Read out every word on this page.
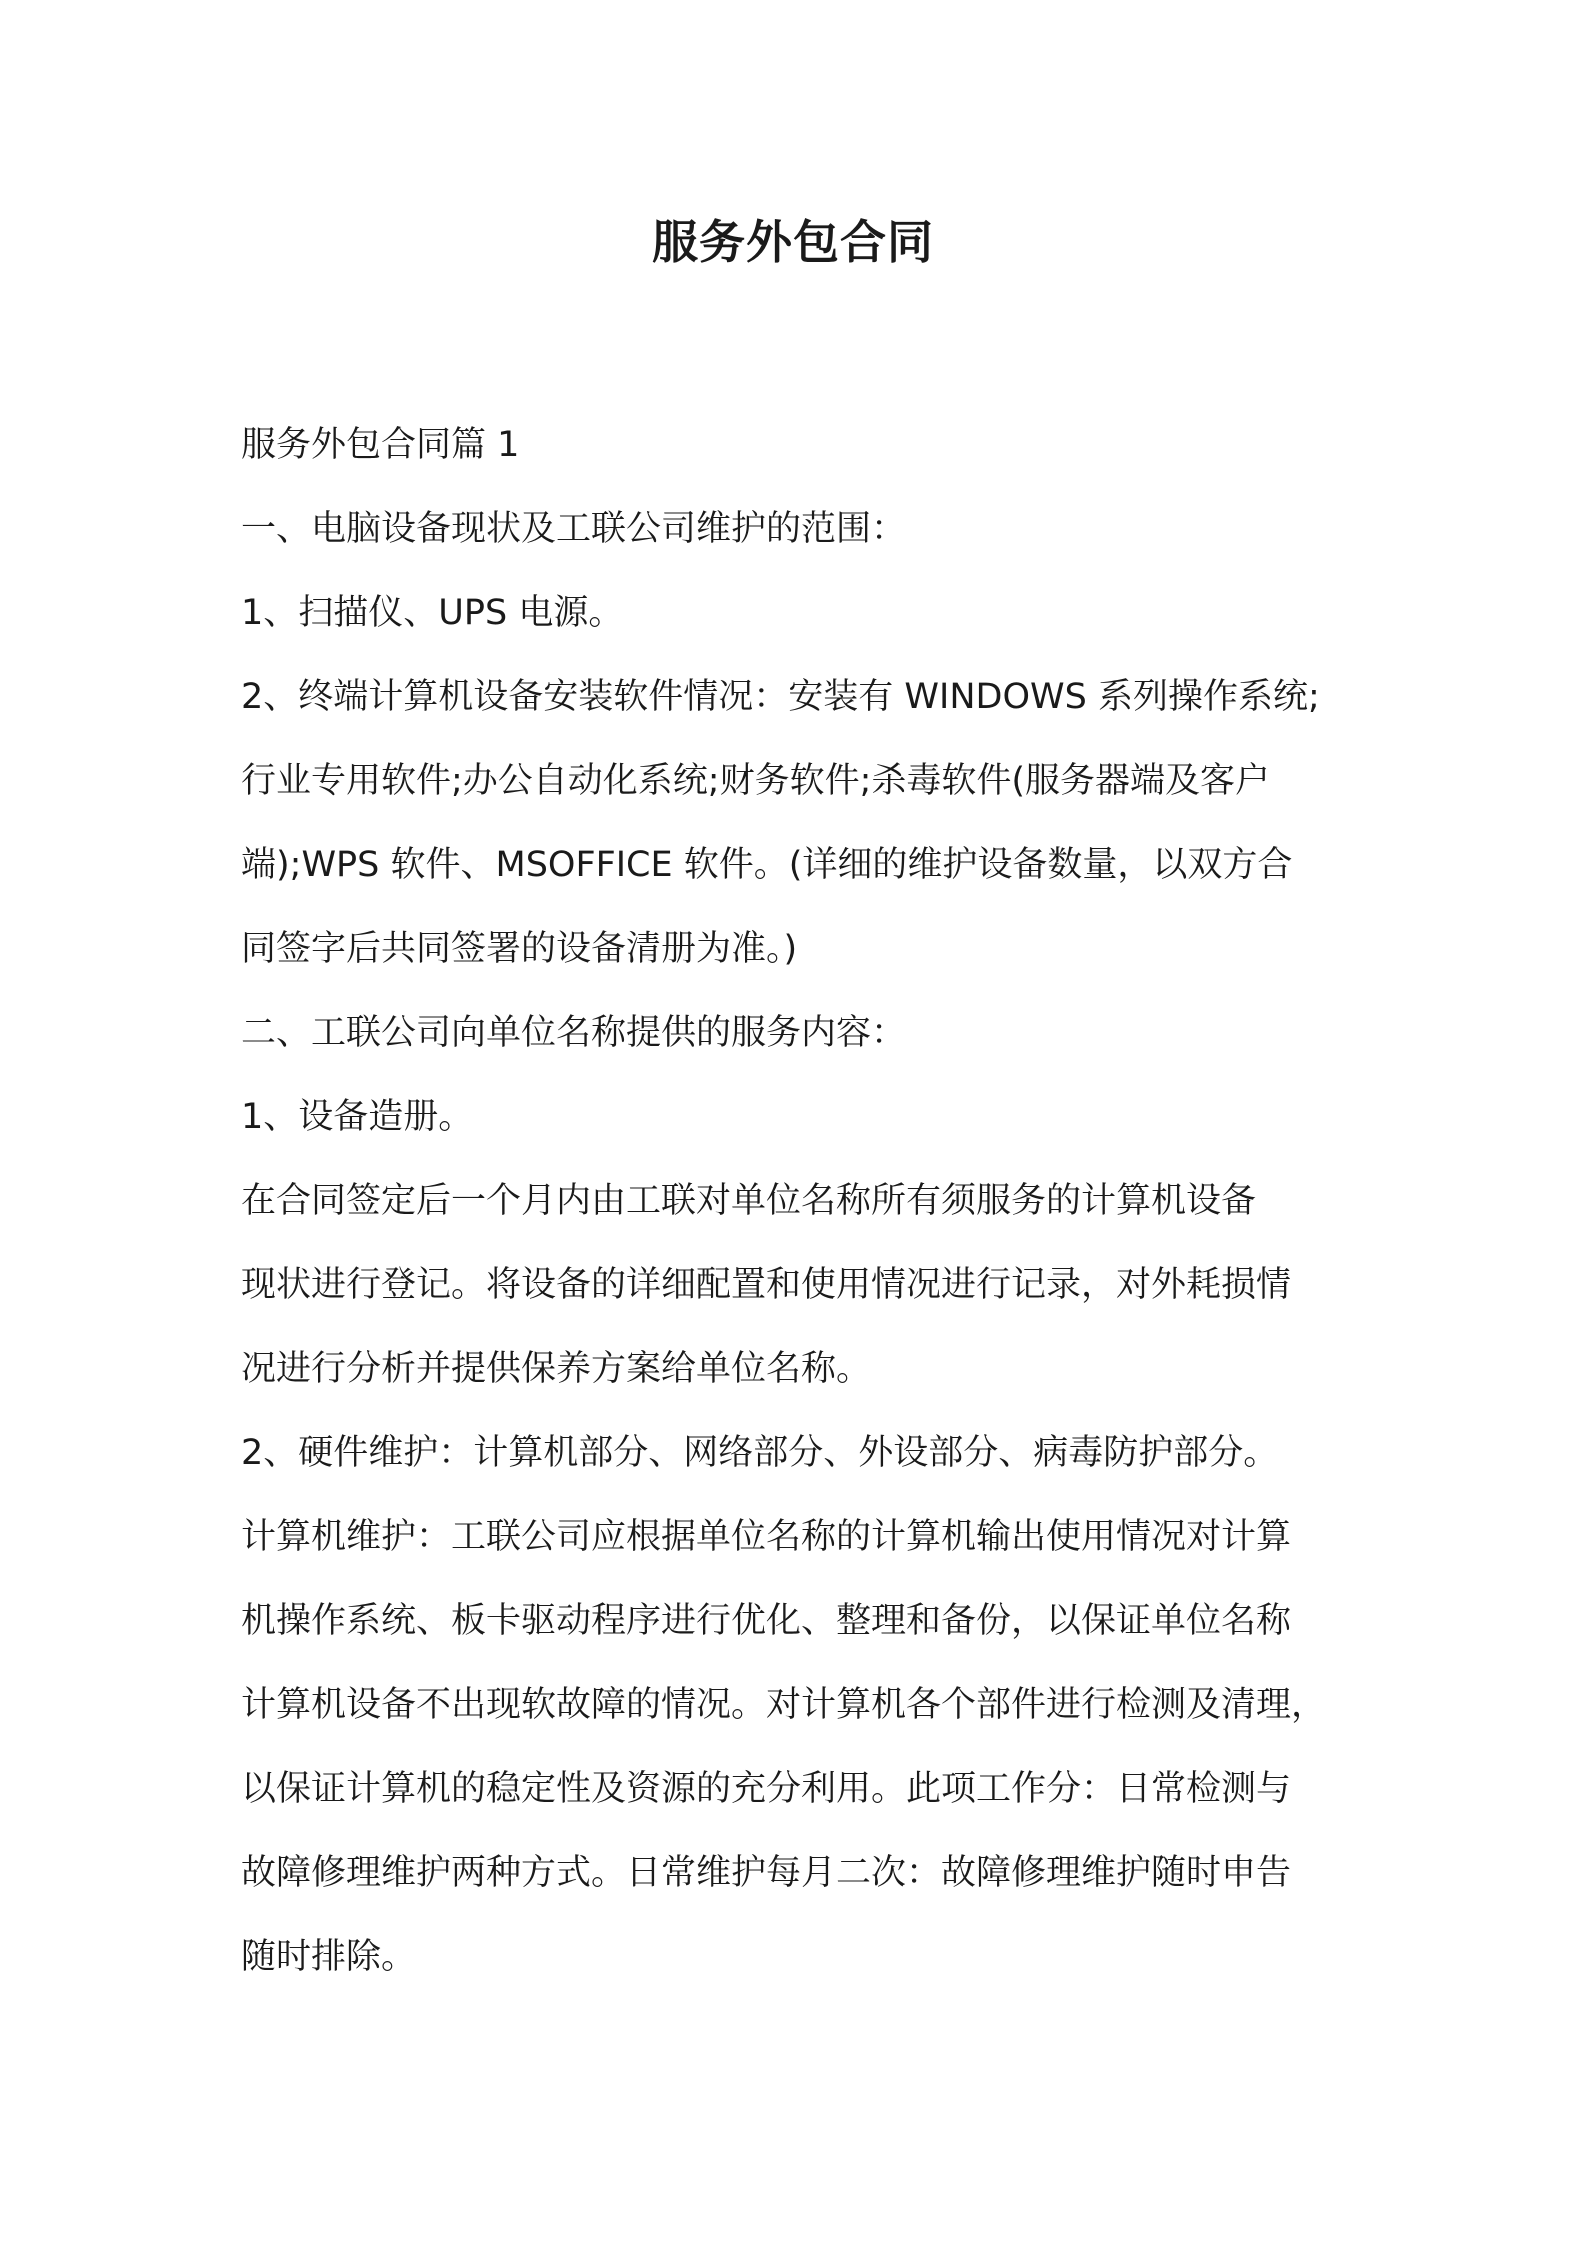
服务外包合同

服务外包合同篇 1

一、电脑设备现状及工联公司维护的范围：

1、扫描仪、UPS 电源。

2、终端计算机设备安装软件情况：安装有 WINDOWS 系列操作系统;

行业专用软件;办公自动化系统;财务软件;杀毒软件(服务器端及客户

端);WPS 软件、MSOFFICE 软件。(详细的维护设备数量，以双方合

同签字后共同签署的设备清册为准。)

二、工联公司向单位名称提供的服务内容：

1、设备造册。

在合同签定后一个月内由工联对单位名称所有须服务的计算机设备

现状进行登记。将设备的详细配置和使用情况进行记录，对外耗损情

况进行分析并提供保养方案给单位名称。

2、硬件维护：计算机部分、网络部分、外设部分、病毒防护部分。

计算机维护：工联公司应根据单位名称的计算机输出使用情况对计算

机操作系统、板卡驱动程序进行优化、整理和备份，以保证单位名称

计算机设备不出现软故障的情况。对计算机各个部件进行检测及清理，

以保证计算机的稳定性及资源的充分利用。此项工作分：日常检测与

故障修理维护两种方式。日常维护每月二次：故障修理维护随时申告

随时排除。
